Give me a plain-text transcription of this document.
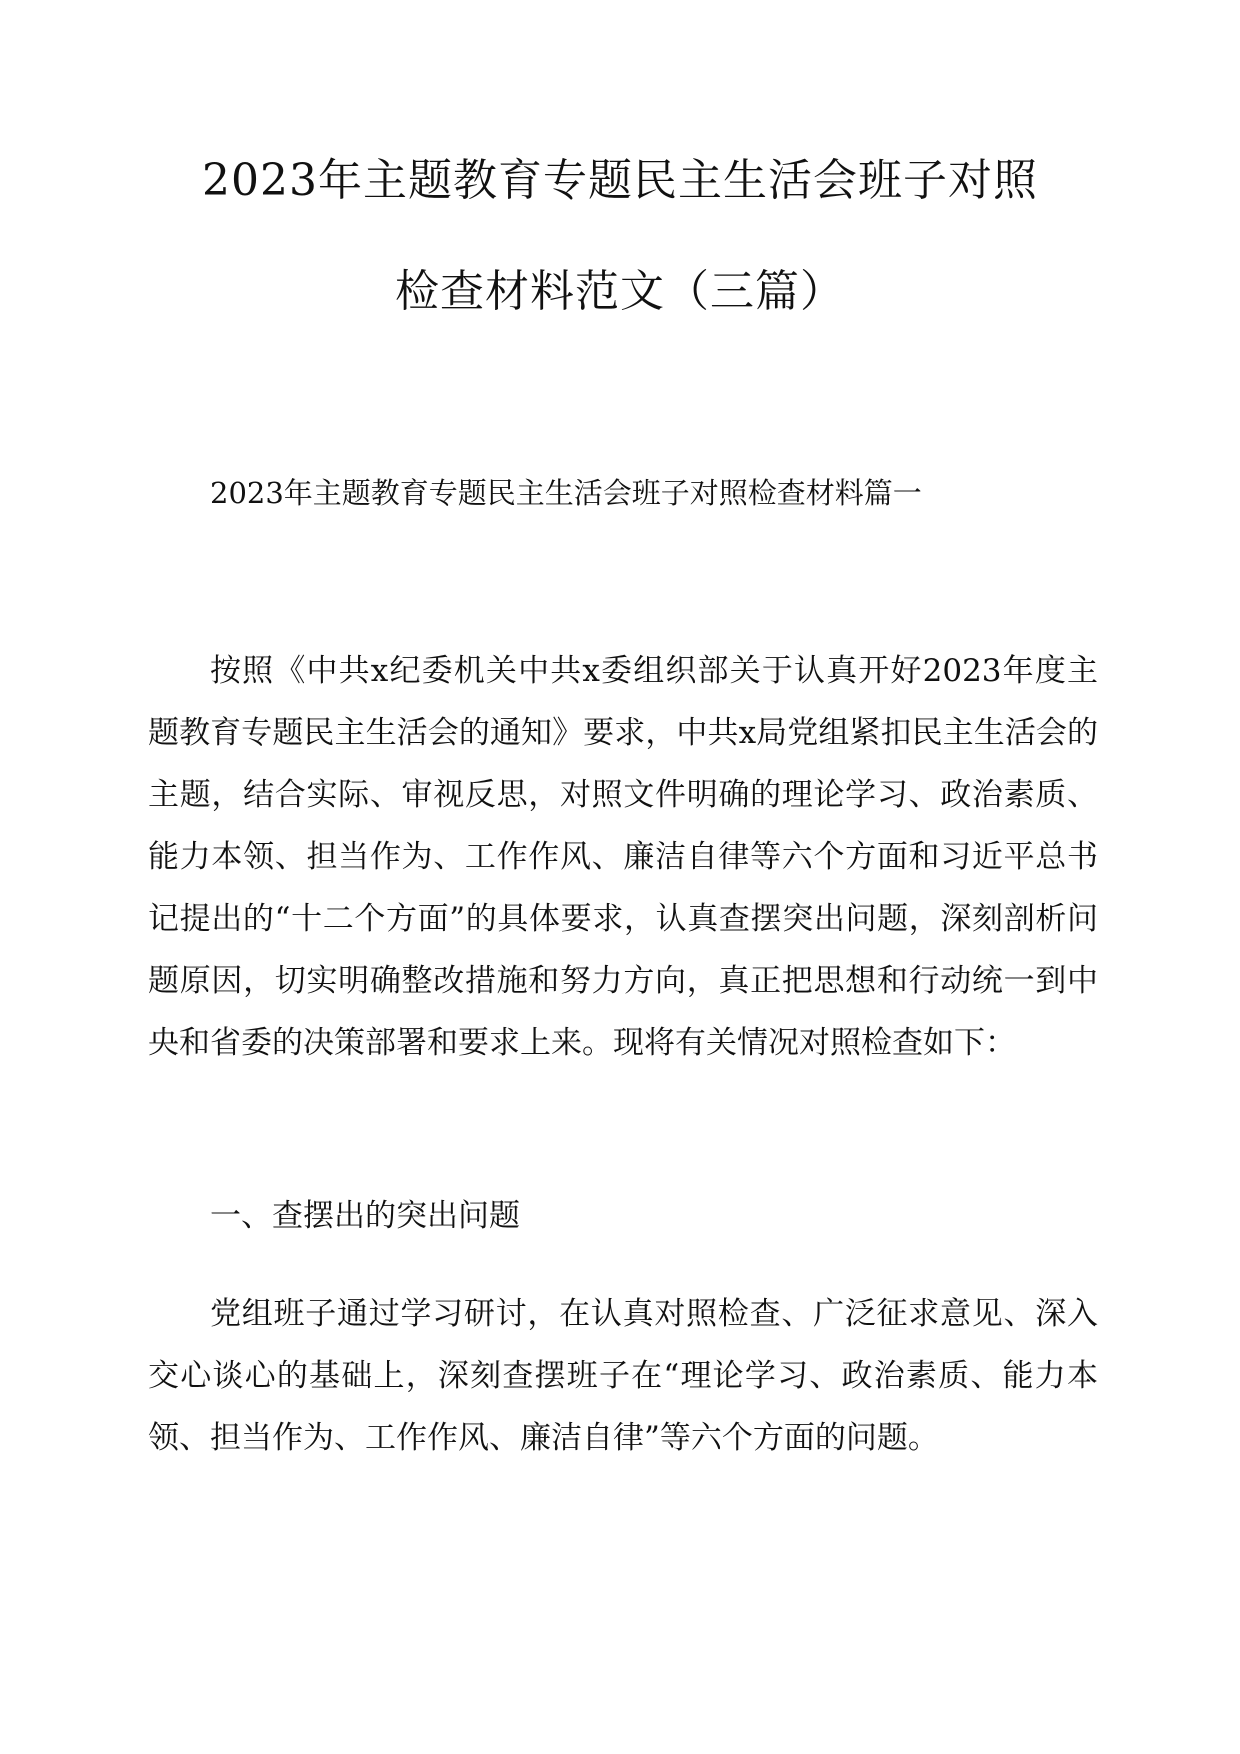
2023年主题教育专题民主生活会班子对照
检查材料范文（三篇）
2023年主题教育专题民主生活会班子对照检查材料篇一

按照《中共x纪委机关中共x委组织部关于认真开好2023年度主题教育专题民主生活会的通知》要求，中共x局党组紧扣民主生活会的主题，结合实际、审视反思，对照文件明确的理论学习、政治素质、能力本领、担当作为、工作作风、廉洁自律等六个方面和习近平总书记提出的“十二个方面”的具体要求，认真查摆突出问题，深刻剖析问题原因，切实明确整改措施和努力方向，真正把思想和行动统一到中央和省委的决策部署和要求上来。现将有关情况对照检查如下：

一、查摆出的突出问题

党组班子通过学习研讨，在认真对照检查、广泛征求意见、深入交心谈心的基础上，深刻查摆班子在“理论学习、政治素质、能力本领、担当作为、工作作风、廉洁自律”等六个方面的问题。
